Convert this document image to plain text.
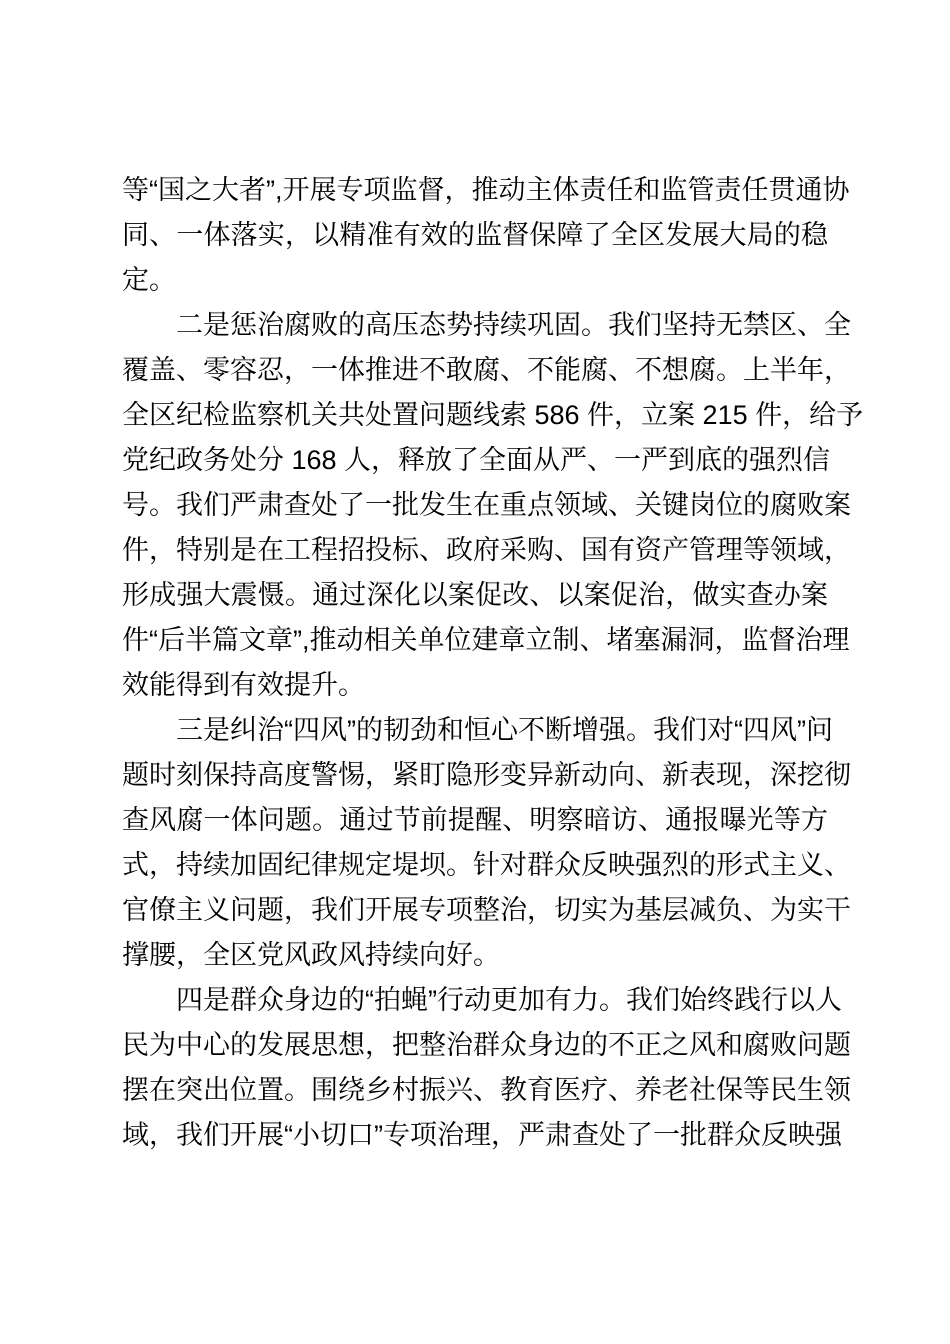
等“国之大者”,开展专项监督，推动主体责任和监管责任贯通协
同、一体落实，以精准有效的监督保障了全区发展大局的稳
定。
二是惩治腐败的高压态势持续巩固。我们坚持无禁区、全
覆盖、零容忍，一体推进不敢腐、不能腐、不想腐。上半年，
全区纪检监察机关共处置问题线索 586 件，立案 215 件，给予
党纪政务处分 168 人，释放了全面从严、一严到底的强烈信
号。我们严肃查处了一批发生在重点领域、关键岗位的腐败案
件，特别是在工程招投标、政府采购、国有资产管理等领域，
形成强大震慑。通过深化以案促改、以案促治，做实查办案
件“后半篇文章”,推动相关单位建章立制、堵塞漏洞，监督治理
效能得到有效提升。
三是纠治“四风”的韧劲和恒心不断增强。我们对“四风”问
题时刻保持高度警惕，紧盯隐形变异新动向、新表现，深挖彻
查风腐一体问题。通过节前提醒、明察暗访、通报曝光等方
式，持续加固纪律规定堤坝。针对群众反映强烈的形式主义、
官僚主义问题，我们开展专项整治，切实为基层减负、为实干
撑腰，全区党风政风持续向好。
四是群众身边的“拍蝇”行动更加有力。我们始终践行以人
民为中心的发展思想，把整治群众身边的不正之风和腐败问题
摆在突出位置。围绕乡村振兴、教育医疗、养老社保等民生领
域，我们开展“小切口”专项治理，严肃查处了一批群众反映强
